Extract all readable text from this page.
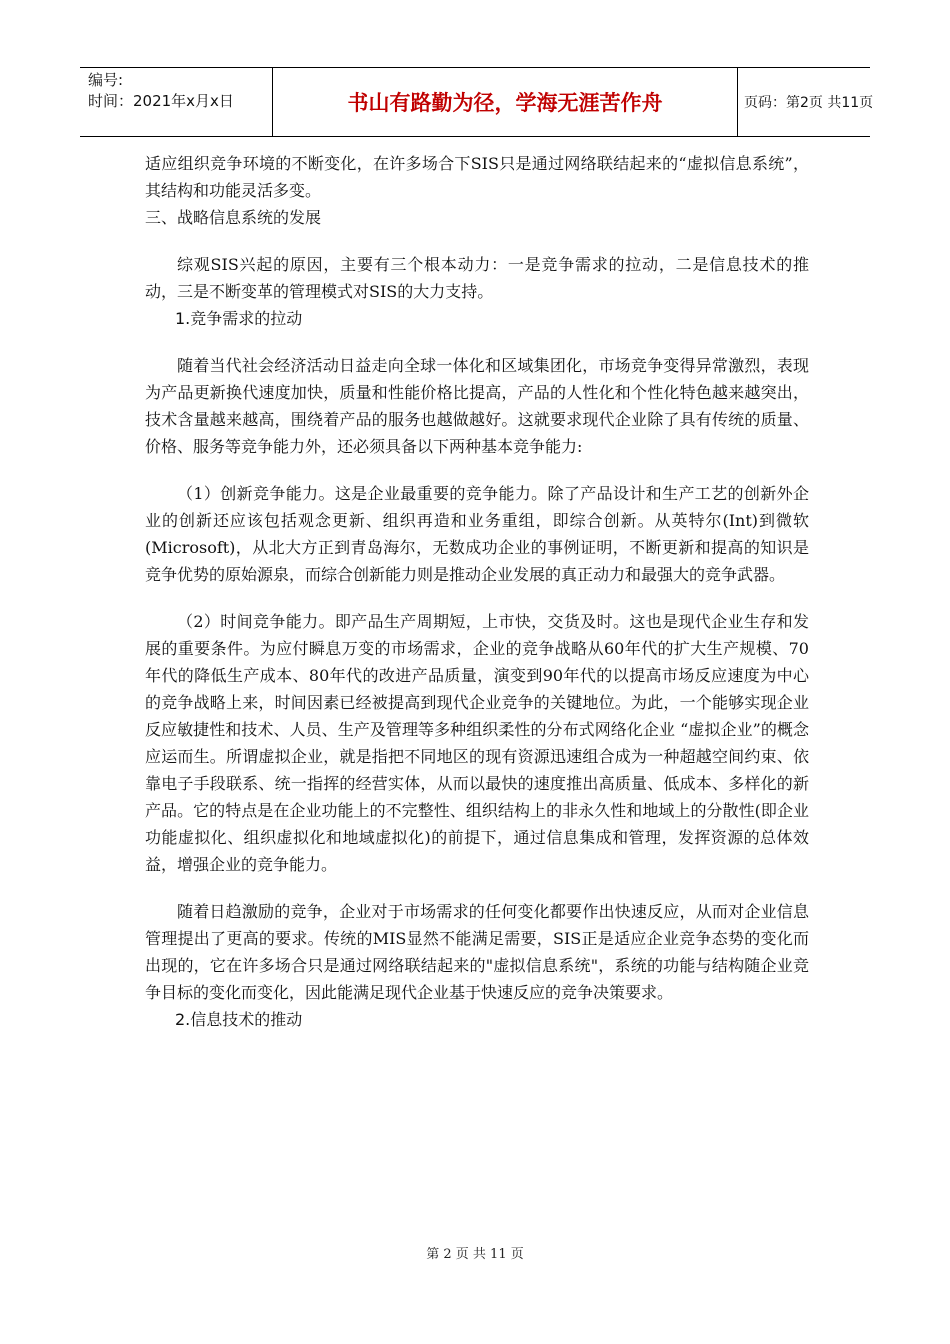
编号:
时间：2021年x月x日	书山有路勤为径，学海无涯苦作舟	页码：第2页 共11页

适应组织竞争环境的不断变化，在许多场合下SIS只是通过网络联结起来的“虚拟信息系统”，其结构和功能灵活多变。

三、战略信息系统的发展

综观SIS兴起的原因，主要有三个根本动力：一是竞争需求的拉动，二是信息技术的推动，三是不断变革的管理模式对SIS的大力支持。

1.竞争需求的拉动

随着当代社会经济活动日益走向全球一体化和区域集团化，市场竞争变得异常激烈，表现为产品更新换代速度加快，质量和性能价格比提高，产品的人性化和个性化特色越来越突出，技术含量越来越高，围绕着产品的服务也越做越好。这就要求现代企业除了具有传统的质量、价格、服务等竞争能力外，还必须具备以下两种基本竞争能力:

（1）创新竞争能力。这是企业最重要的竞争能力。除了产品设计和生产工艺的创新外企业的创新还应该包括观念更新、组织再造和业务重组，即综合创新。从英特尔(Int)到微软(Microsoft)，从北大方正到青岛海尔，无数成功企业的事例证明，不断更新和提高的知识是竞争优势的原始源泉，而综合创新能力则是推动企业发展的真正动力和最强大的竞争武器。

（2）时间竞争能力。即产品生产周期短，上市快，交货及时。这也是现代企业生存和发展的重要条件。为应付瞬息万变的市场需求，企业的竞争战略从60年代的扩大生产规模、70年代的降低生产成本、80年代的改进产品质量，演变到90年代的以提高市场反应速度为中心的竞争战略上来，时间因素已经被提高到现代企业竞争的关键地位。为此，一个能够实现企业反应敏捷性和技术、人员、生产及管理等多种组织柔性的分布式网络化企业 “虚拟企业”的概念应运而生。所谓虚拟企业，就是指把不同地区的现有资源迅速组合成为一种超越空间约束、依靠电子手段联系、统一指挥的经营实体，从而以最快的速度推出高质量、低成本、多样化的新产品。它的特点是在企业功能上的不完整性、组织结构上的非永久性和地域上的分散性(即企业功能虚拟化、组织虚拟化和地域虚拟化)的前提下，通过信息集成和管理，发挥资源的总体效益，增强企业的竞争能力。

随着日趋激励的竞争，企业对于市场需求的任何变化都要作出快速反应，从而对企业信息管理提出了更高的要求。传统的MIS显然不能满足需要，SIS正是适应企业竞争态势的变化而出现的，它在许多场合只是通过网络联结起来的"虚拟信息系统"，系统的功能与结构随企业竞争目标的变化而变化，因此能满足现代企业基于快速反应的竞争决策要求。

2.信息技术的推动

第 2 页 共 11 页
